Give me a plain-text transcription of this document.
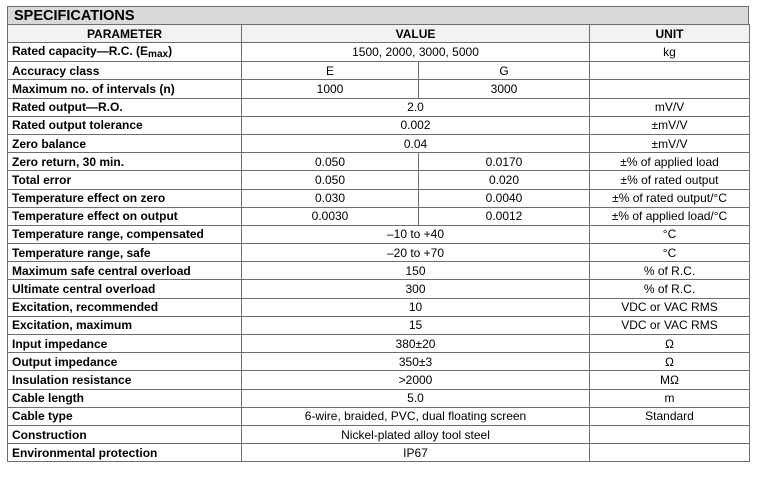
SPECIFICATIONS
PARAMETER	VALUE		UNIT
Rated capacity—R.C. $(E_{max})$	1500, 2000, 3000, 5000		kg
Accuracy class	E	G	
Maximum no. of intervals (n)	1000	3000	
Rated output—R.O.	2.0		mV/V
Rated output tolerance	0.002		±mV/V
Zero balance	0.04		±mV/V
Zero return, 30 min.	0.050	0.0170	±% of applied load
Total error	0.050	0.020	±% of rated output
Temperature effect on zero	0.030	0.0040	±% of rated output/°C
Temperature effect on output	0.0030	0.0012	±% of applied load/°C
Temperature range, compensated	–10 to +40		°C
Temperature range, safe	–20 to +70		°C
Maximum safe central overload	150		% of R.C.
Ultimate central overload	300		% of R.C.
Excitation, recommended	10		VDC or VAC RMS
Excitation, maximum	15		VDC or VAC RMS
Input impedance	380±20		Ω
Output impedance	350±3		Ω
Insulation resistance	>2000		MΩ
Cable length	5.0		m
Cable type	6-wire, braided, PVC, dual floating screen		Standard
Construction	Nickel-plated alloy tool steel		
Environmental protection	IP67		
